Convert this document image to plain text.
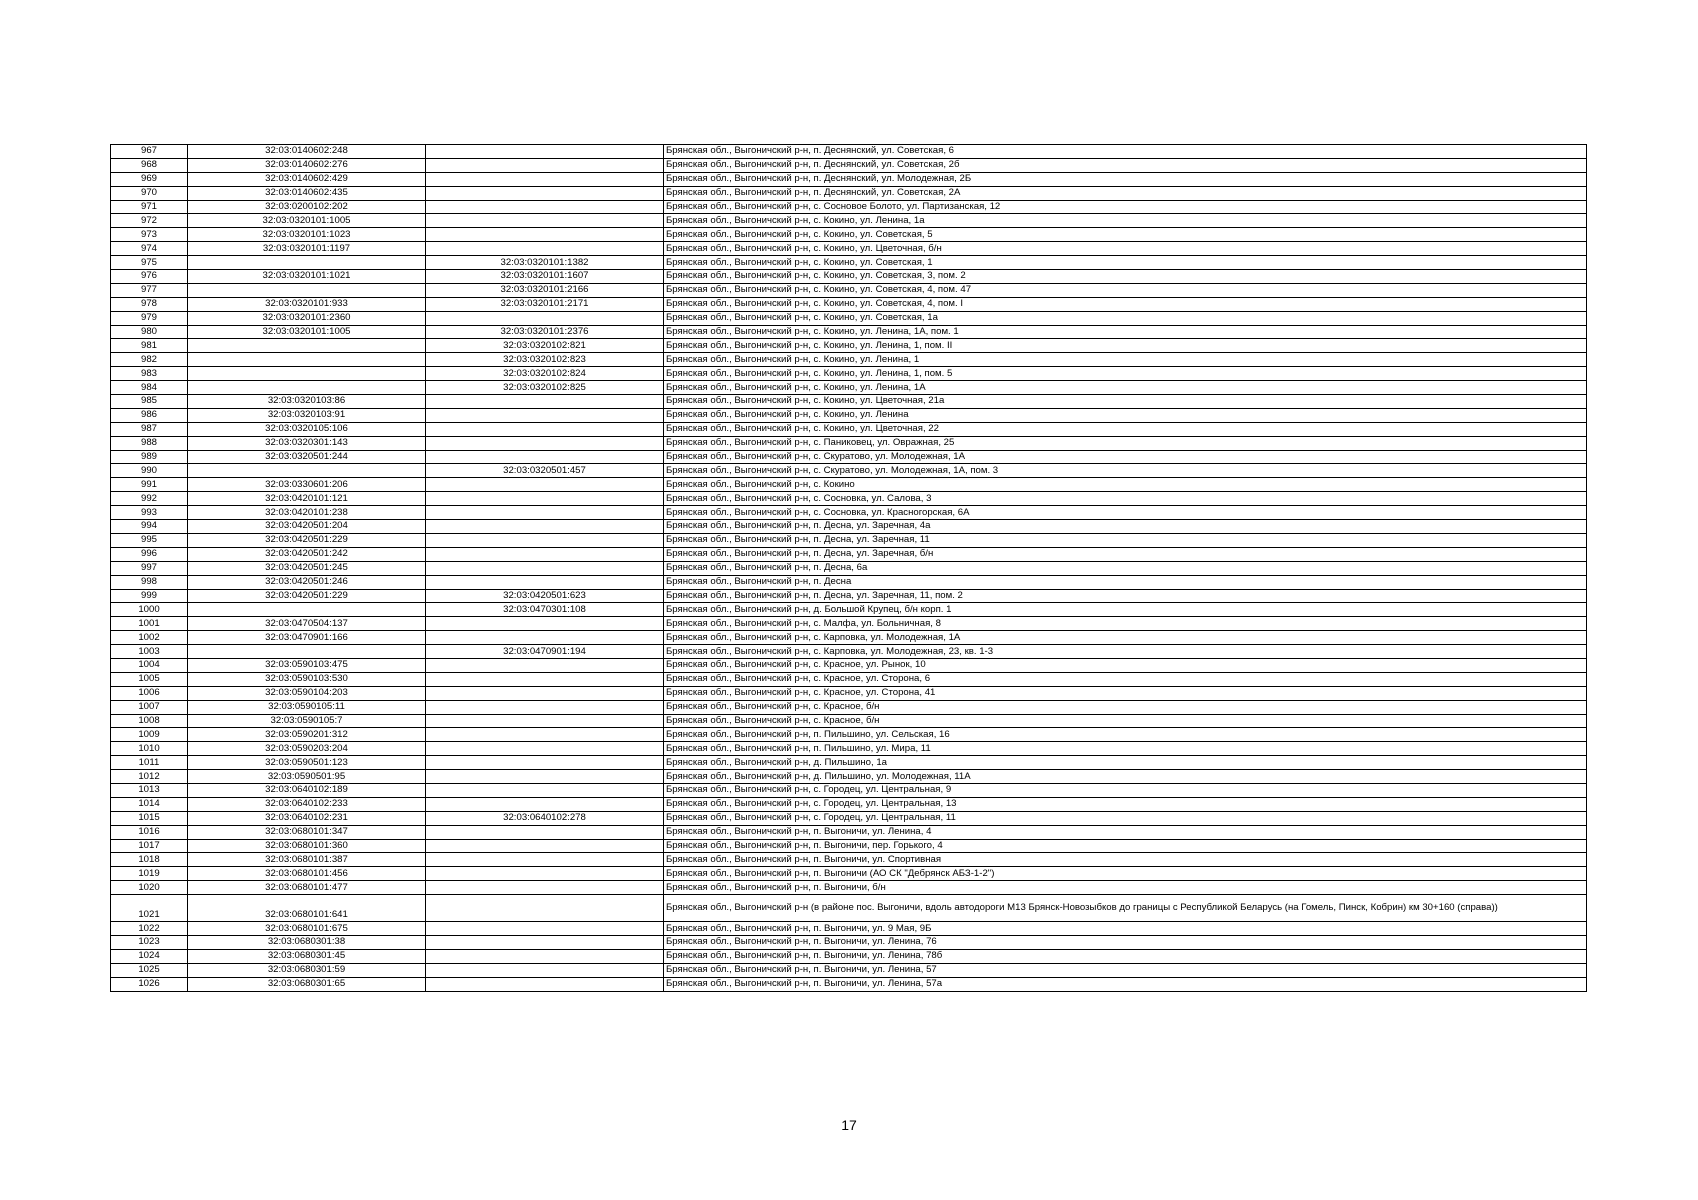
967	32:03:0140602:248		Брянская обл., Выгоничский р-н, п. Деснянский, ул. Советская, 6
968	32:03:0140602:276		Брянская обл., Выгоничский р-н, п. Деснянский, ул. Советская, 2б
969	32:03:0140602:429		Брянская обл., Выгоничский р-н, п. Деснянский, ул. Молодежная, 2Б
970	32:03:0140602:435		Брянская обл., Выгоничский р-н, п. Деснянский, ул. Советская, 2А
971	32:03:0200102:202		Брянская обл., Выгоничский р-н, с. Сосновое Болото, ул. Партизанская, 12
972	32:03:0320101:1005		Брянская обл., Выгоничский р-н, с. Кокино, ул. Ленина, 1а
973	32:03:0320101:1023		Брянская обл., Выгоничский р-н, с. Кокино, ул. Советская, 5
974	32:03:0320101:1197		Брянская обл., Выгоничский р-н, с. Кокино, ул. Цветочная, б/н
975		32:03:0320101:1382	Брянская обл., Выгоничский р-н, с. Кокино, ул. Советская, 1
976	32:03:0320101:1021	32:03:0320101:1607	Брянская обл., Выгоничский р-н, с. Кокино, ул. Советская, 3, пом. 2
977		32:03:0320101:2166	Брянская обл., Выгоничский р-н, с. Кокино, ул. Советская, 4, пом. 47
978	32:03:0320101:933	32:03:0320101:2171	Брянская обл., Выгоничский р-н, с. Кокино, ул. Советская, 4, пом. I
979	32:03:0320101:2360		Брянская обл., Выгоничский р-н, с. Кокино, ул. Советская, 1а
980	32:03:0320101:1005	32:03:0320101:2376	Брянская обл., Выгоничский р-н, с. Кокино, ул. Ленина, 1А, пом. 1
981		32:03:0320102:821	Брянская обл., Выгоничский р-н, с. Кокино, ул. Ленина, 1, пом. II
982		32:03:0320102:823	Брянская обл., Выгоничский р-н, с. Кокино, ул. Ленина, 1
983		32:03:0320102:824	Брянская обл., Выгоничский р-н, с. Кокино, ул. Ленина, 1, пом. 5
984		32:03:0320102:825	Брянская обл., Выгоничский р-н, с. Кокино, ул. Ленина, 1А
985	32:03:0320103:86		Брянская обл., Выгоничский р-н, с. Кокино, ул. Цветочная, 21а
986	32:03:0320103:91		Брянская обл., Выгоничский р-н, с. Кокино, ул. Ленина
987	32:03:0320105:106		Брянская обл., Выгоничский р-н, с. Кокино, ул. Цветочная, 22
988	32:03:0320301:143		Брянская обл., Выгоничский р-н, с. Паниковец, ул. Овражная, 25
989	32:03:0320501:244		Брянская обл., Выгоничский р-н, с. Скуратово, ул. Молодежная, 1А
990		32:03:0320501:457	Брянская обл., Выгоничский р-н, с. Скуратово, ул. Молодежная, 1А, пом. 3
991	32:03:0330601:206		Брянская обл., Выгоничский р-н, с. Кокино
992	32:03:0420101:121		Брянская обл., Выгоничский р-н, с. Сосновка, ул. Салова, 3
993	32:03:0420101:238		Брянская обл., Выгоничский р-н, с. Сосновка, ул. Красногорская, 6А
994	32:03:0420501:204		Брянская обл., Выгоничский р-н, п. Десна, ул. Заречная, 4а
995	32:03:0420501:229		Брянская обл., Выгоничский р-н, п. Десна, ул. Заречная, 11
996	32:03:0420501:242		Брянская обл., Выгоничский р-н, п. Десна, ул. Заречная, б/н
997	32:03:0420501:245		Брянская обл., Выгоничский р-н, п. Десна, 6а
998	32:03:0420501:246		Брянская обл., Выгоничский р-н, п. Десна
999	32:03:0420501:229	32:03:0420501:623	Брянская обл., Выгоничский р-н, п. Десна, ул. Заречная, 11, пом. 2
1000		32:03:0470301:108	Брянская обл., Выгоничский р-н, д. Большой Крупец, б/н корп. 1
1001	32:03:0470504:137		Брянская обл., Выгоничский р-н, с. Малфа, ул. Больничная, 8
1002	32:03:0470901:166		Брянская обл., Выгоничский р-н, с. Карповка, ул. Молодежная, 1А
1003		32:03:0470901:194	Брянская обл., Выгоничский р-н, с. Карповка, ул. Молодежная, 23, кв. 1-3
1004	32:03:0590103:475		Брянская обл., Выгоничский р-н, с. Красное, ул. Рынок, 10
1005	32:03:0590103:530		Брянская обл., Выгоничский р-н, с. Красное, ул. Сторона, 6
1006	32:03:0590104:203		Брянская обл., Выгоничский р-н, с. Красное, ул. Сторона, 41
1007	32:03:0590105:11		Брянская обл., Выгоничский р-н, с. Красное, б/н
1008	32:03:0590105:7		Брянская обл., Выгоничский р-н, с. Красное, б/н
1009	32:03:0590201:312		Брянская обл., Выгоничский р-н, п. Пильшино, ул. Сельская, 16
1010	32:03:0590203:204		Брянская обл., Выгоничский р-н, п. Пильшино, ул. Мира, 11
1011	32:03:0590501:123		Брянская обл., Выгоничский р-н, д. Пильшино, 1а
1012	32:03:0590501:95		Брянская обл., Выгоничский р-н, д. Пильшино, ул. Молодежная, 11А
1013	32:03:0640102:189		Брянская обл., Выгоничский р-н, с. Городец, ул. Центральная, 9
1014	32:03:0640102:233		Брянская обл., Выгоничский р-н, с. Городец, ул. Центральная, 13
1015	32:03:0640102:231	32:03:0640102:278	Брянская обл., Выгоничский р-н, с. Городец, ул. Центральная, 11
1016	32:03:0680101:347		Брянская обл., Выгоничский р-н, п. Выгоничи, ул. Ленина, 4
1017	32:03:0680101:360		Брянская обл., Выгоничский р-н, п. Выгоничи, пер. Горького, 4
1018	32:03:0680101:387		Брянская обл., Выгоничский р-н, п. Выгоничи, ул. Спортивная
1019	32:03:0680101:456		Брянская обл., Выгоничский р-н, п. Выгоничи (АО СК "Дебрянск АБЗ-1-2")
1020	32:03:0680101:477		Брянская обл., Выгоничский р-н, п. Выгоничи, б/н
1021	32:03:0680101:641		Брянская обл., Выгоничский р-н (в районе пос. Выгоничи, вдоль автодороги М13 Брянск-Новозыбков до границы с Республикой Беларусь (на Гомель, Пинск, Кобрин) км 30+160 (справа))
1022	32:03:0680101:675		Брянская обл., Выгоничский р-н, п. Выгоничи, ул. 9 Мая, 9Б
1023	32:03:0680301:38		Брянская обл., Выгоничский р-н, п. Выгоничи, ул. Ленина, 76
1024	32:03:0680301:45		Брянская обл., Выгоничский р-н, п. Выгоничи, ул. Ленина, 78б
1025	32:03:0680301:59		Брянская обл., Выгоничский р-н, п. Выгоничи, ул. Ленина, 57
1026	32:03:0680301:65		Брянская обл., Выгоничский р-н, п. Выгоничи, ул. Ленина, 57а
17
